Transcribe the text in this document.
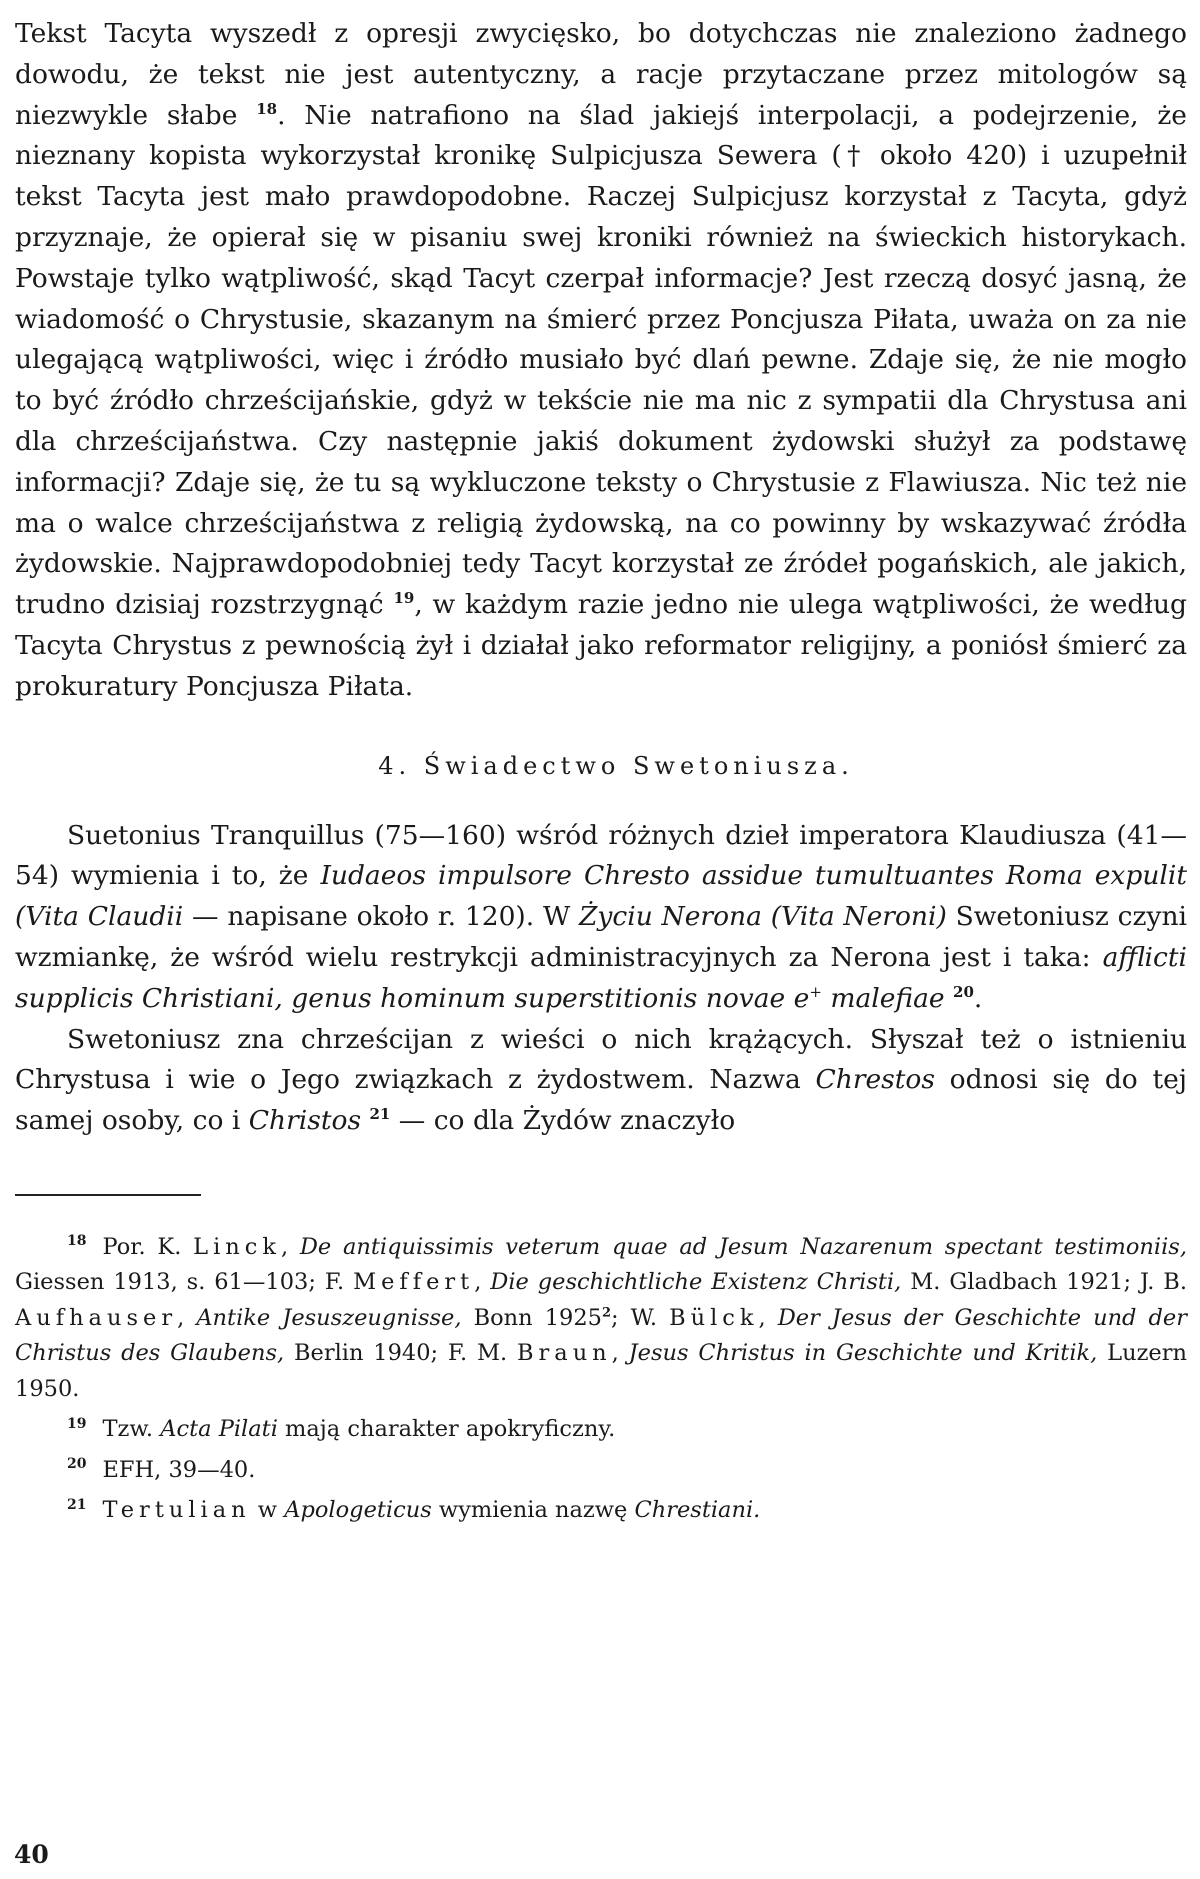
Tekst Tacyta wyszedł z opresji zwycięsko, bo dotychczas nie znaleziono żadnego dowodu, że tekst nie jest autentyczny, a racje przytaczane przez mitologów są niezwykle słabe $^{18}$. Nie natrafiono na ślad jakiejś interpolacji, a podejrzenie, że nieznany kopista wykorzystał kronikę Sulpicjusza Sewera († około 420) i uzupełnił tekst Tacyta jest mało prawdopodobne. Raczej Sulpicjusz korzystał z Tacyta, gdyż przyznaje, że opierał się w pisaniu swej kroniki również na świeckich historykach. Powstaje tylko wątpliwość, skąd Tacyt czerpał informacje? Jest rzeczą dosyć jasną, że wiadomość o Chrystusie, skazanym na śmierć przez Poncjusza Piłata, uważa on za nie ulegającą wątpliwości, więc i źródło musiało być dlań pewne. Zdaje się, że nie mogło to być źródło chrześcijańskie, gdyż w tekście nie ma nic z sympatii dla Chrystusa ani dla chrześcijaństwa. Czy następnie jakiś dokument żydowski służył za podstawę informacji? Zdaje się, że tu są wykluczone teksty o Chrystusie z Flawiusza. Nic też nie ma o walce chrześcijaństwa z religią żydowską, na co powinny by wskazywać źródła żydowskie. Najprawdopodobniej tedy Tacyt korzystał ze źródeł pogańskich, ale jakich, trudno dzisiaj rozstrzygnąć $^{19}$, w każdym razie jedno nie ulega wątpliwości, że według Tacyta Chrystus z pewnością żył i działał jako reformator religijny, a poniósł śmierć za prokuratury Poncjusza Piłata.

4. Świadectwo Swetoniusza.

Suetonius Tranquillus (75—160) wśród różnych dzieł imperatora Klaudiusza (41—54) wymienia i to, że Iudaeos impulsore Chresto assidue tumultuantes Roma expulit (Vita Claudii — napisane około r. 120). W Życiu Nerona (Vita Neroni) Swetoniusz czyni wzmiankę, że wśród wielu restrykcji administracyjnych za Nerona jest i taka: afflicti supplicis Christiani, genus hominum superstitionis novae e+ malefiae $^{20}$.

Swetoniusz zna chrześcijan z wieści o nich krążących. Słyszał też o istnieniu Chrystusa i wie o Jego związkach z żydostwem. Nazwa Chrestos odnosi się do tej samej osoby, co i Christos $^{21}$ — co dla Żydów znaczyło

$^{18}$ Por. K. Linck, De antiquissimis veterum quae ad Jesum Nazarenum spectant testimoniis, Giessen 1913, s. 61—103; F. Meffert, Die geschichtliche Existenz Christi, M. Gladbach 1921; J. B. Aufhauser, Antike Jesuszeugnisse, Bonn 1925$^2$; W. Bülck, Der Jesus der Geschichte und der Christus des Glaubens, Berlin 1940; F. M. Braun, Jesus Christus in Geschichte und Kritik, Luzern 1950.

$^{19}$ Tzw. Acta Pilati mają charakter apokryficzny.

$^{20}$ EFH, 39—40.

$^{21}$ Tertulian w Apologeticus wymienia nazwę Chrestiani.

40
